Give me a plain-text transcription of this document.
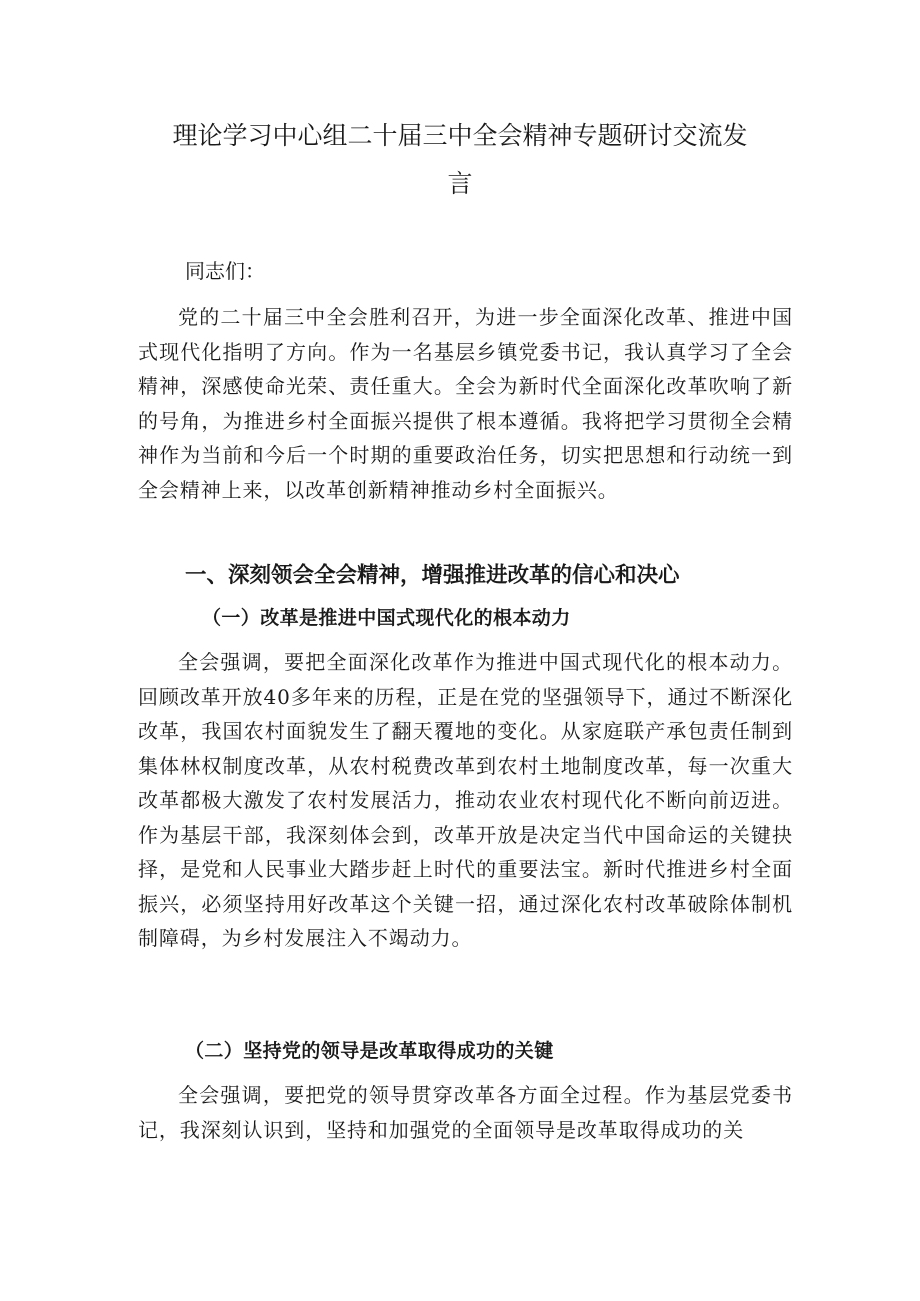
理论学习中心组二十届三中全会精神专题研讨交流发
言

同志们：

党的二十届三中全会胜利召开，为进一步全面深化改革、推进中国式现代化指明了方向。作为一名基层乡镇党委书记，我认真学习了全会精神，深感使命光荣、责任重大。全会为新时代全面深化改革吹响了新的号角，为推进乡村全面振兴提供了根本遵循。我将把学习贯彻全会精神作为当前和今后一个时期的重要政治任务，切实把思想和行动统一到全会精神上来，以改革创新精神推动乡村全面振兴。

一、深刻领会全会精神，增强推进改革的信心和决心
（一）改革是推进中国式现代化的根本动力

全会强调，要把全面深化改革作为推进中国式现代化的根本动力。回顾改革开放40多年来的历程，正是在党的坚强领导下，通过不断深化改革，我国农村面貌发生了翻天覆地的变化。从家庭联产承包责任制到集体林权制度改革，从农村税费改革到农村土地制度改革，每一次重大改革都极大激发了农村发展活力，推动农业农村现代化不断向前迈进。作为基层干部，我深刻体会到，改革开放是决定当代中国命运的关键抉择，是党和人民事业大踏步赶上时代的重要法宝。新时代推进乡村全面振兴，必须坚持用好改革这个关键一招，通过深化农村改革破除体制机制障碍，为乡村发展注入不竭动力。

（二）坚持党的领导是改革取得成功的关键

全会强调，要把党的领导贯穿改革各方面全过程。作为基层党委书记，我深刻认识到，坚持和加强党的全面领导是改革取得成功的关
